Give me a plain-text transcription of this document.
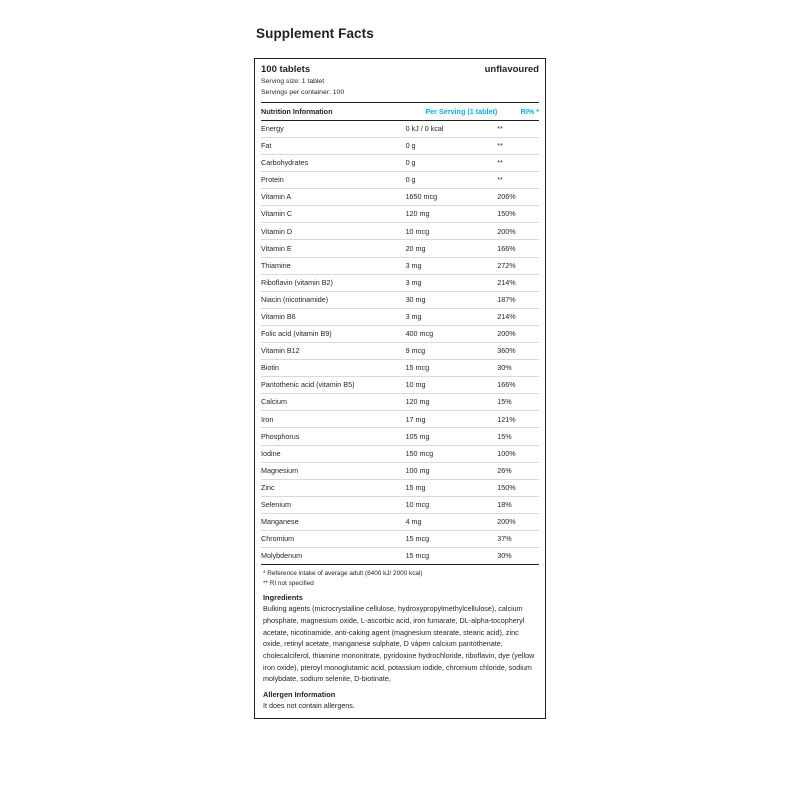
Supplement Facts
100 tablets	unflavoured
Serving size: 1 tablet
Servings per container: 100
Nutrition Information	Per Serving (1 tablet)	RI% *
Energy	0 kJ / 0 kcal	**
Fat	0 g	**
Carbohydrates	0 g	**
Protein	0 g	**
Vitamin A	1650 mcg	206%
Vitamin C	120 mg	150%
Vitamin D	10 mcg	200%
Vitamin E	20 mg	166%
Thiamine	3 mg	272%
Riboflavin (vitamin B2)	3 mg	214%
Niacin (nicotinamide)	30 mg	187%
Vitamin B6	3 mg	214%
Folic acid (vitamin B9)	400 mcg	200%
Vitamin B12	9 mcg	360%
Biotin	15 mcg	30%
Pantothenic acid (vitamin B5)	10 mg	166%
Calcium	120 mg	15%
Iron	17 mg	121%
Phosphorus	105 mg	15%
Iodine	150 mcg	100%
Magnesium	100 mg	26%
Zinc	15 mg	150%
Selenium	10 mcg	18%
Manganese	4 mg	200%
Chromium	15 mcg	37%
Molybdenum	15 mcg	30%
* Reference intake of average adult (8400 kJ/ 2000 kcal)
** RI not specified
Ingredients
Bulking agents (microcrystalline cellulose, hydroxypropylmethylcellulose), calcium phosphate, magnesium oxide, L-ascorbic acid, iron fumarate, DL-alpha-tocopheryl acetate, nicotinamide, anti-caking agent (magnesium stearate, stearic acid), zinc oxide, retinyl acetate, manganese sulphate, D vápen calcium pantothenate, cholecalciferol, thiamine mononitrate, pyridoxine hydrochloride, riboflavin, dye (yellow iron oxide), pteroyl monoglutamic acid, potassium iodide, chromium chloride, sodium molybdate, sodium selenite, D-biotinate,
Allergen Information
It does not contain allergens.
